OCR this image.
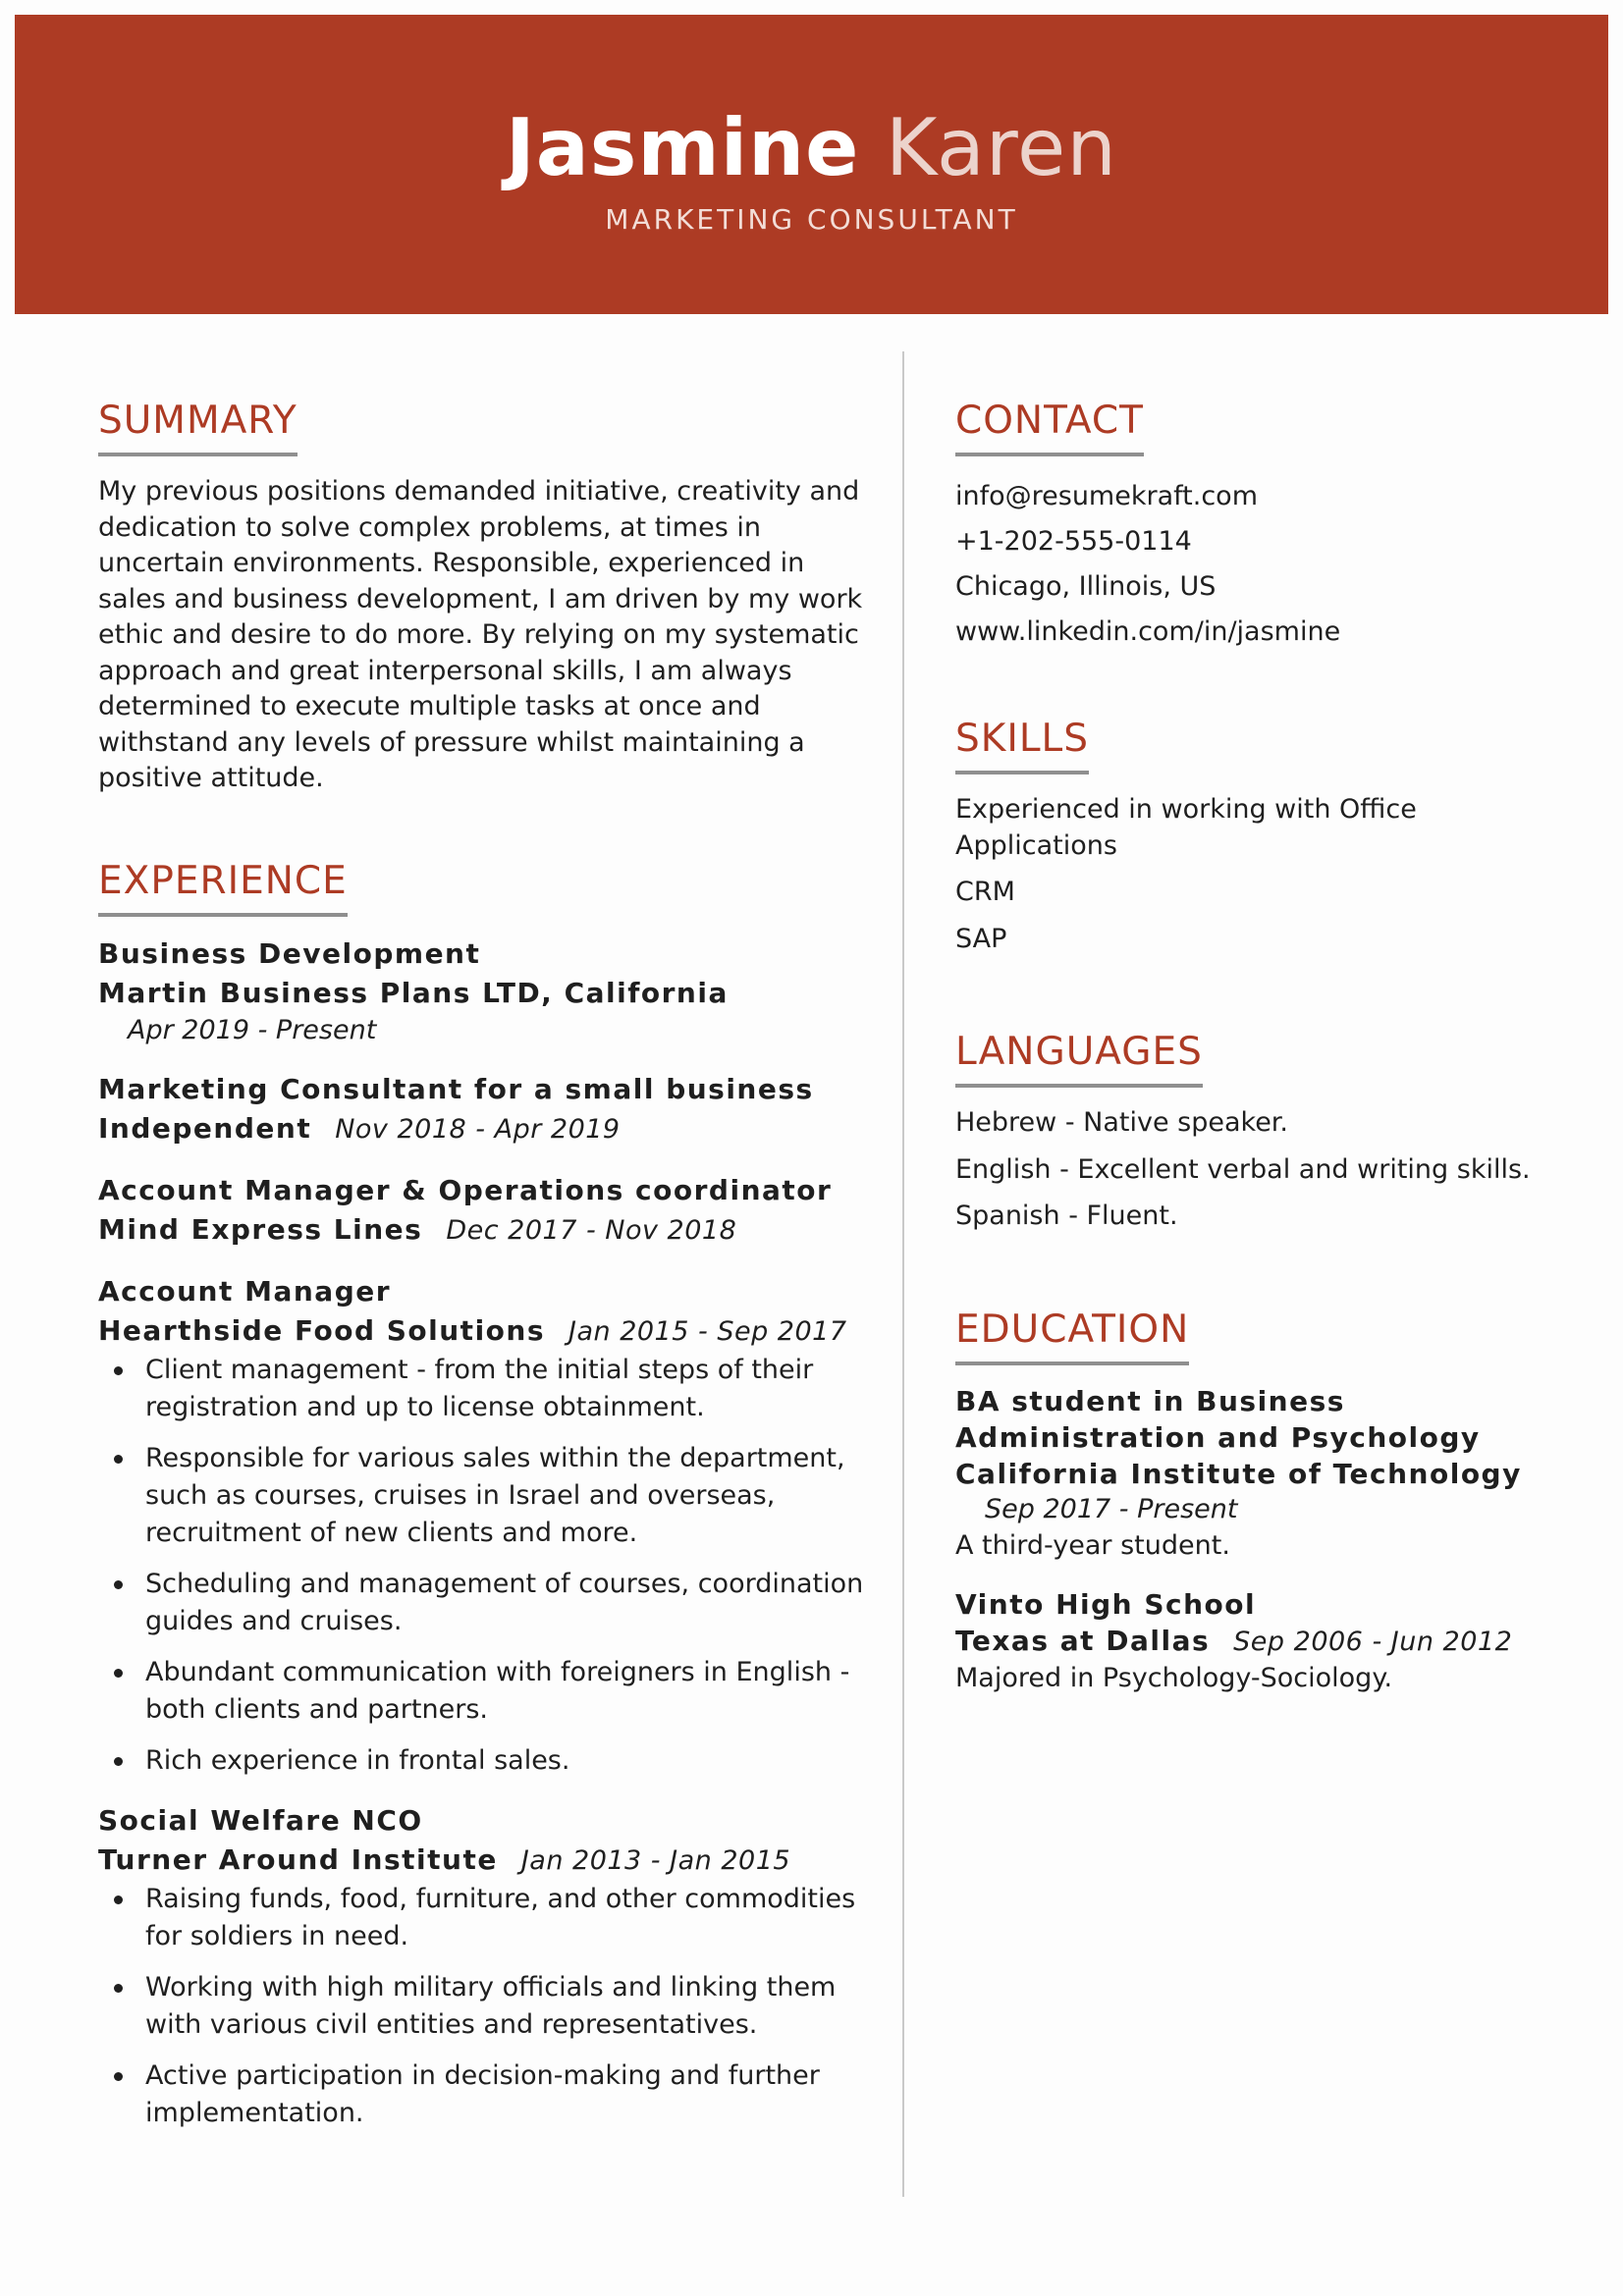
Jasmine Karen
MARKETING CONSULTANT
SUMMARY

My previous positions demanded initiative, creativity and dedication to solve complex problems, at times in uncertain environments. Responsible, experienced in sales and business development, I am driven by my work ethic and desire to do more. By relying on my systematic approach and great interpersonal skills, I am always determined to execute multiple tasks at once and withstand any levels of pressure whilst maintaining a positive attitude.

EXPERIENCE
Business Development
Martin Business Plans LTD, California
Apr 2019 - Present
Marketing Consultant for a small business
Independent Nov 2018 - Apr 2019
Account Manager & Operations coordinator
Mind Express Lines Dec 2017 - Nov 2018
Account Manager
Hearthside Food Solutions Jan 2015 - Sep 2017
Client management - from the initial steps of their registration and up to license obtainment.
Responsible for various sales within the department, such as courses, cruises in Israel and overseas, recruitment of new clients and more.
Scheduling and management of courses, coordination guides and cruises.
Abundant communication with foreigners in English - both clients and partners.
Rich experience in frontal sales.
Social Welfare NCO
Turner Around Institute Jan 2013 - Jan 2015
Raising funds, food, furniture, and other commodities for soldiers in need.
Working with high military officials and linking them with various civil entities and representatives.
Active participation in decision-making and further implementation.
CONTACT
info@resumekraft.com
+1-202-555-0114
Chicago, Illinois, US
www.linkedin.com/in/jasmine
SKILLS
Experienced in working with Office Applications
CRM
SAP
LANGUAGES
Hebrew - Native speaker.
English - Excellent verbal and writing skills.
Spanish - Fluent.
EDUCATION
BA student in Business Administration and Psychology
California Institute of Technology
Sep 2017 - Present
A third-year student.
Vinto High School
Texas at Dallas Sep 2006 - Jun 2012
Majored in Psychology-Sociology.
